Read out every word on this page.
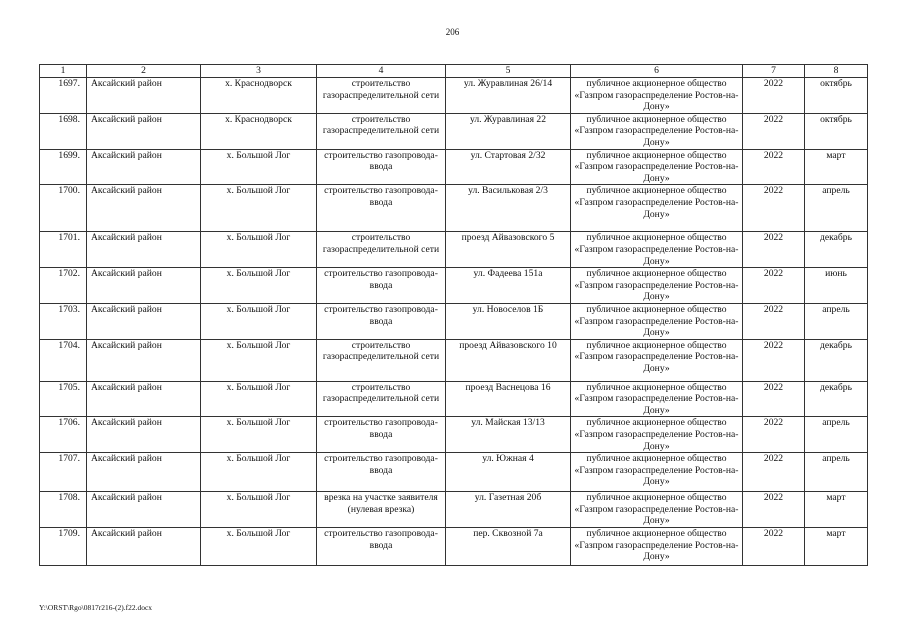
206
1	2	3	4	5	6	7	8
1697.	Аксайский район	х. Краснодворск	строительство газораспределительной сети	ул. Журавлиная 26/14	публичное акционерное общество «Газпром газораспределение Ростов-на-Дону»	2022	октябрь
1698.	Аксайский район	х. Краснодворск	строительство газораспределительной сети	ул. Журавлиная 22	публичное акционерное общество «Газпром газораспределение Ростов-на-Дону»	2022	октябрь
1699.	Аксайский район	х. Большой Лог	строительство газопровода-ввода	ул. Стартовая 2/32	публичное акционерное общество «Газпром газораспределение Ростов-на-Дону»	2022	март
1700.	Аксайский район	х. Большой Лог	строительство газопровода-ввода	ул. Васильковая 2/3	публичное акционерное общество «Газпром газораспределение Ростов-на-Дону»	2022	апрель
1701.	Аксайский район	х. Большой Лог	строительство газораспределительной сети	проезд Айвазовского 5	публичное акционерное общество «Газпром газораспределение Ростов-на-Дону»	2022	декабрь
1702.	Аксайский район	х. Большой Лог	строительство газопровода-ввода	ул. Фадеева 151а	публичное акционерное общество «Газпром газораспределение Ростов-на-Дону»	2022	июнь
1703.	Аксайский район	х. Большой Лог	строительство газопровода-ввода	ул. Новоселов 1Б	публичное акционерное общество «Газпром газораспределение Ростов-на-Дону»	2022	апрель
1704.	Аксайский район	х. Большой Лог	строительство газораспределительной сети	проезд Айвазовского 10	публичное акционерное общество «Газпром газораспределение Ростов-на-Дону»	2022	декабрь
1705.	Аксайский район	х. Большой Лог	строительство газораспределительной сети	проезд Васнецова 16	публичное акционерное общество «Газпром газораспределение Ростов-на-Дону»	2022	декабрь
1706.	Аксайский район	х. Большой Лог	строительство газопровода-ввода	ул. Майская 13/13	публичное акционерное общество «Газпром газораспределение Ростов-на-Дону»	2022	апрель
1707.	Аксайский район	х. Большой Лог	строительство газопровода-ввода	ул. Южная 4	публичное акционерное общество «Газпром газораспределение Ростов-на-Дону»	2022	апрель
1708.	Аксайский район	х. Большой Лог	врезка на участке заявителя (нулевая врезка)	ул. Газетная 20б	публичное акционерное общество «Газпром газораспределение Ростов-на-Дону»	2022	март
1709.	Аксайский район	х. Большой Лог	строительство газопровода-ввода	пер. Сквозной 7а	публичное акционерное общество «Газпром газораспределение Ростов-на-Дону»	2022	март
Y:\ORST\Rgo\0817r216-(2).f22.docx
